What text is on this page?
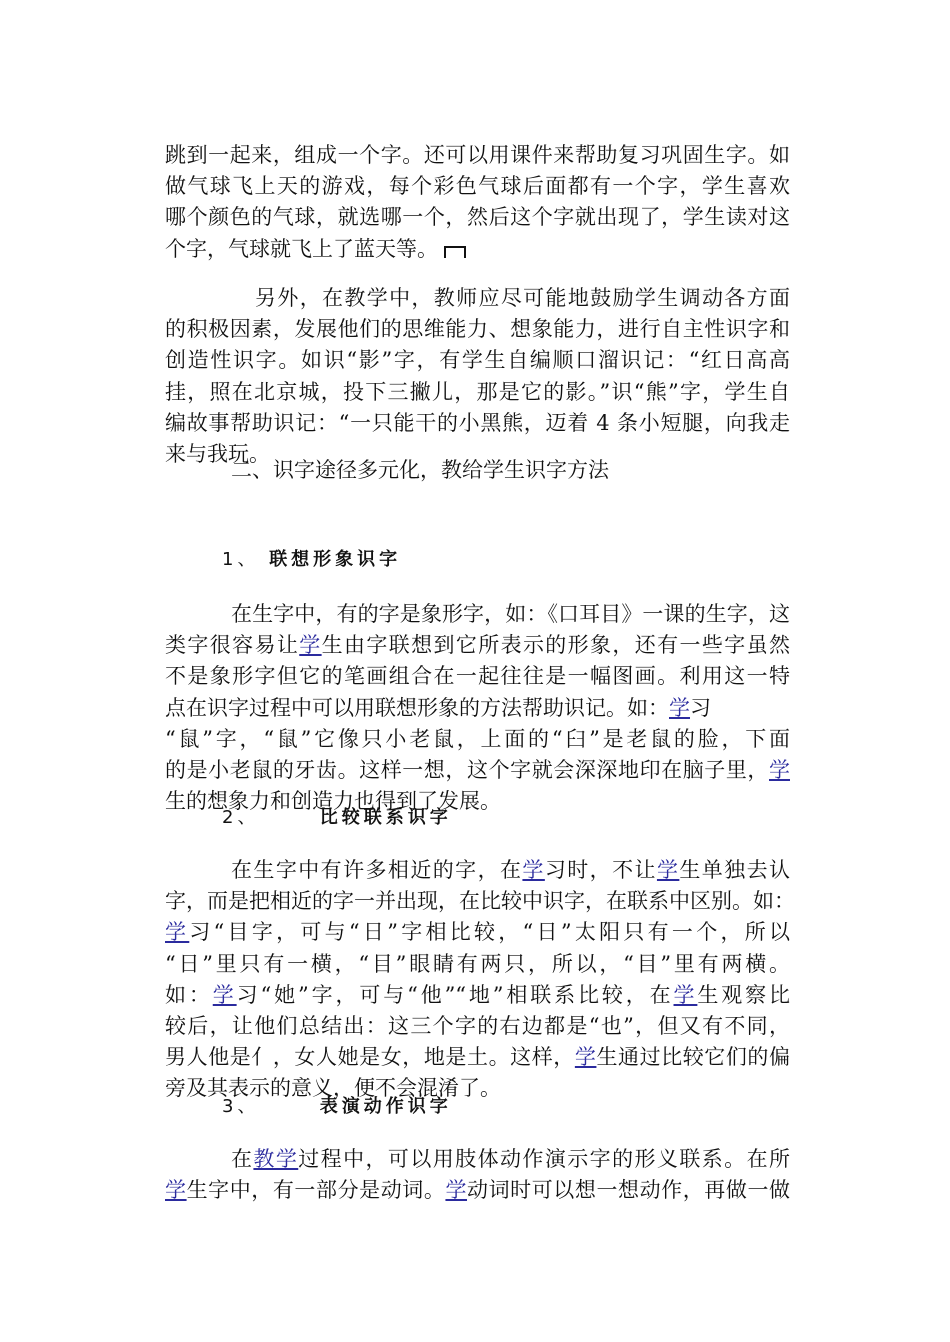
跳到一起来，组成一个字。还可以用课件来帮助复习巩固生字。如
做气球飞上天的游戏，每个彩色气球后面都有一个字，学生喜欢
哪个颜色的气球，就选哪一个，然后这个字就出现了，学生读对这
个字，气球就飞上了蓝天等。
另外，在教学中，教师应尽可能地鼓励学生调动各方面
的积极因素，发展他们的思维能力、想象能力，进行自主性识字和
创造性识字。如识“影”字，有学生自编顺口溜识记：“红日高高
挂，照在北京城，投下三撇儿，那是它的影。”识“熊”字，学生自
编故事帮助识记：“一只能干的小黑熊，迈着 4 条小短腿，向我走
来与我玩。
二、识字途径多元化，教给学生识字方法
1、 联想形象识字
在生字中，有的字是象形字，如：《口耳目》一课的生字，这
类字很容易让学生由字联想到它所表示的形象，还有一些字虽然
不是象形字但它的笔画组合在一起往往是一幅图画。利用这一特
点在识字过程中可以用联想形象的方法帮助识记。如：学习
“鼠”字，“鼠”它像只小老鼠，上面的“臼”是老鼠的脸，下面
的是小老鼠的牙齿。这样一想，这个字就会深深地印在脑子里，学
生的想象力和创造力也得到了发展。
2、	比较联系识字
在生字中有许多相近的字，在学习时，不让学生单独去认
字，而是把相近的字一并出现，在比较中识字，在联系中区别。如：
学习“目字，可与“日”字相比较，“日”太阳只有一个，所以
“日”里只有一横，“目”眼睛有两只，所以，“目”里有两横。
如：学习“她”字，可与“他”“地”相联系比较，在学生观察比
较后，让他们总结出：这三个字的右边都是“也”，但又有不同，
男人他是亻，女人她是女，地是土。这样，学生通过比较它们的偏
旁及其表示的意义，便不会混淆了。
3、	表演动作识字
在教学过程中，可以用肢体动作演示字的形义联系。在所
学生字中，有一部分是动词。学动词时可以想一想动作，再做一做
